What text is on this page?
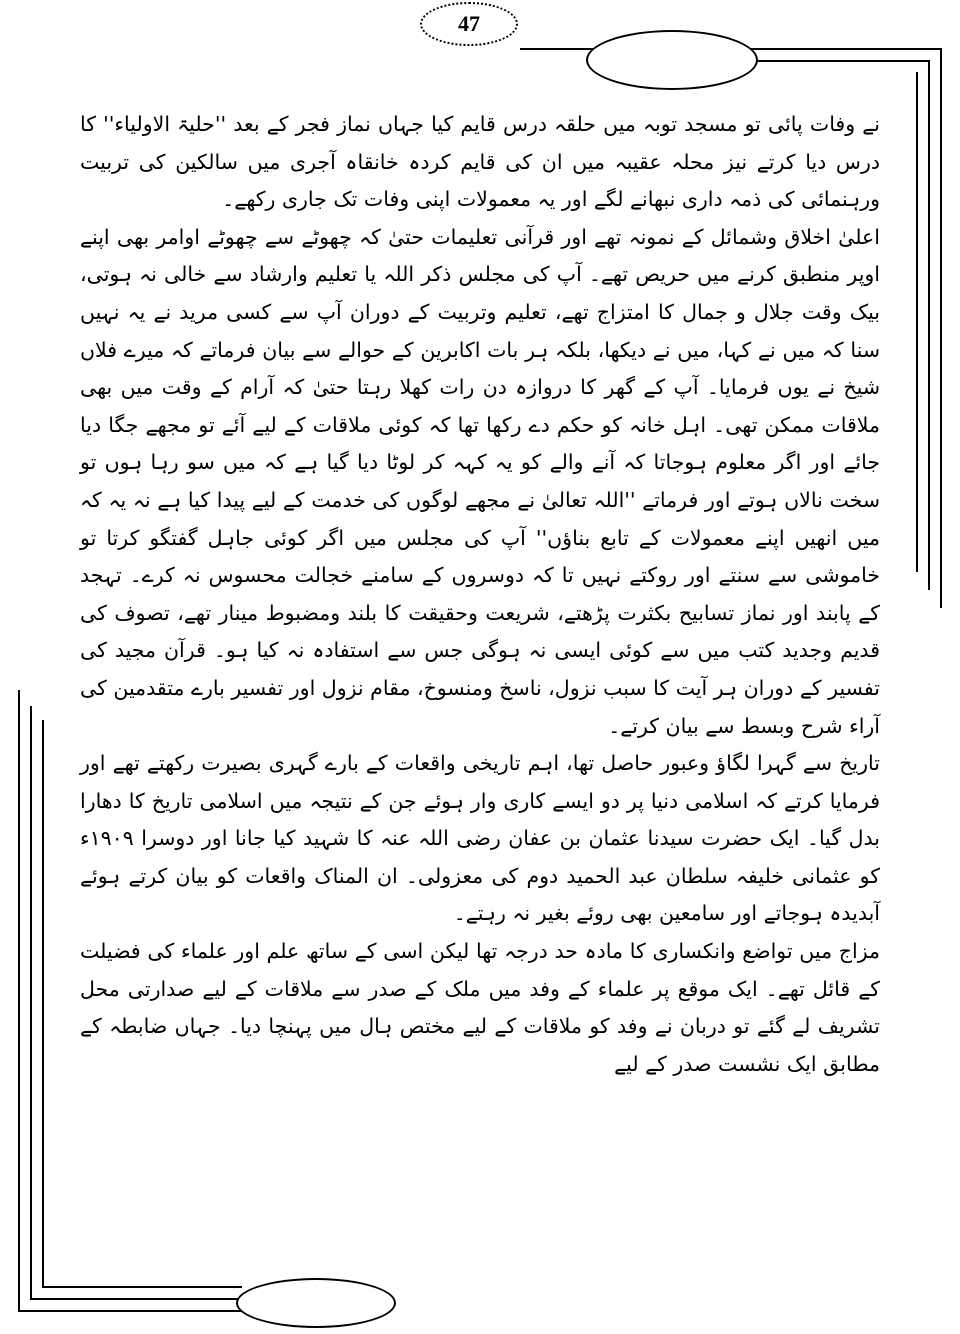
47

نے وفات پائی تو مسجد توبہ میں حلقہ درس قایم کیا جہاں نماز فجر کے بعد ''حلیۃ الاولیاء'' کا درس دیا کرتے نیز محلہ عقیبہ میں ان کی قایم کردہ خانقاہ آجری میں سالکین کی تربیت ورہنمائی کی ذمہ داری نبھانے لگے اور یہ معمولات اپنی وفات تک جاری رکھے۔

اعلیٰ اخلاق وشمائل کے نمونہ تھے اور قرآنی تعلیمات حتیٰ کہ چھوٹے سے چھوٹے اوامر بھی اپنے اوپر منطبق کرنے میں حریص تھے۔ آپ کی مجلس ذکر اللہ یا تعلیم وارشاد سے خالی نہ ہوتی، بیک وقت جلال و جمال کا امتزاج تھے، تعلیم وتربیت کے دوران آپ سے کسی مرید نے یہ نہیں سنا کہ میں نے کہا، میں نے دیکھا، بلکہ ہر بات اکابرین کے حوالے سے بیان فرماتے کہ میرے فلاں شیخ نے یوں فرمایا۔ آپ کے گھر کا دروازہ دن رات کھلا رہتا حتیٰ کہ آرام کے وقت میں بھی ملاقات ممکن تھی۔ اہل خانہ کو حکم دے رکھا تھا کہ کوئی ملاقات کے لیے آئے تو مجھے جگا دیا جائے اور اگر معلوم ہوجاتا کہ آنے والے کو یہ کہہ کر لوٹا دیا گیا ہے کہ میں سو رہا ہوں تو سخت نالاں ہوتے اور فرماتے ''اللہ تعالیٰ نے مجھے لوگوں کی خدمت کے لیے پیدا کیا ہے نہ یہ کہ میں انھیں اپنے معمولات کے تابع بناؤں'' آپ کی مجلس میں اگر کوئی جاہل گفتگو کرتا تو خاموشی سے سنتے اور روکتے نہیں تا کہ دوسروں کے سامنے خجالت محسوس نہ کرے۔ تہجد کے پابند اور نماز تسابیح بکثرت پڑھتے، شریعت وحقیقت کا بلند ومضبوط مینار تھے، تصوف کی قدیم وجدید کتب میں سے کوئی ایسی نہ ہوگی جس سے استفادہ نہ کیا ہو۔ قرآن مجید کی تفسیر کے دوران ہر آیت کا سبب نزول، ناسخ ومنسوخ، مقام نزول اور تفسیر بارے متقدمین کی آراء شرح وبسط سے بیان کرتے۔

تاریخ سے گہرا لگاؤ وعبور حاصل تھا، اہم تاریخی واقعات کے بارے گہری بصیرت رکھتے تھے اور فرمایا کرتے کہ اسلامی دنیا پر دو ایسے کاری وار ہوئے جن کے نتیجہ میں اسلامی تاریخ کا دھارا بدل گیا۔ ایک حضرت سیدنا عثمان بن عفان رضی اللہ عنہ کا شہید کیا جانا اور دوسرا ۱۹۰۹ء کو عثمانی خلیفہ سلطان عبد الحمید دوم کی معزولی۔ ان المناک واقعات کو بیان کرتے ہوئے آبدیدہ ہوجاتے اور سامعین بھی روئے بغیر نہ رہتے۔

مزاج میں تواضع وانکساری کا مادہ حد درجہ تھا لیکن اسی کے ساتھ علم اور علماء کی فضیلت کے قائل تھے۔ ایک موقع پر علماء کے وفد میں ملک کے صدر سے ملاقات کے لیے صدارتی محل تشریف لے گئے تو دربان نے وفد کو ملاقات کے لیے مختص ہال میں پہنچا دیا۔ جہاں ضابطہ کے مطابق ایک نشست صدر کے لیے
